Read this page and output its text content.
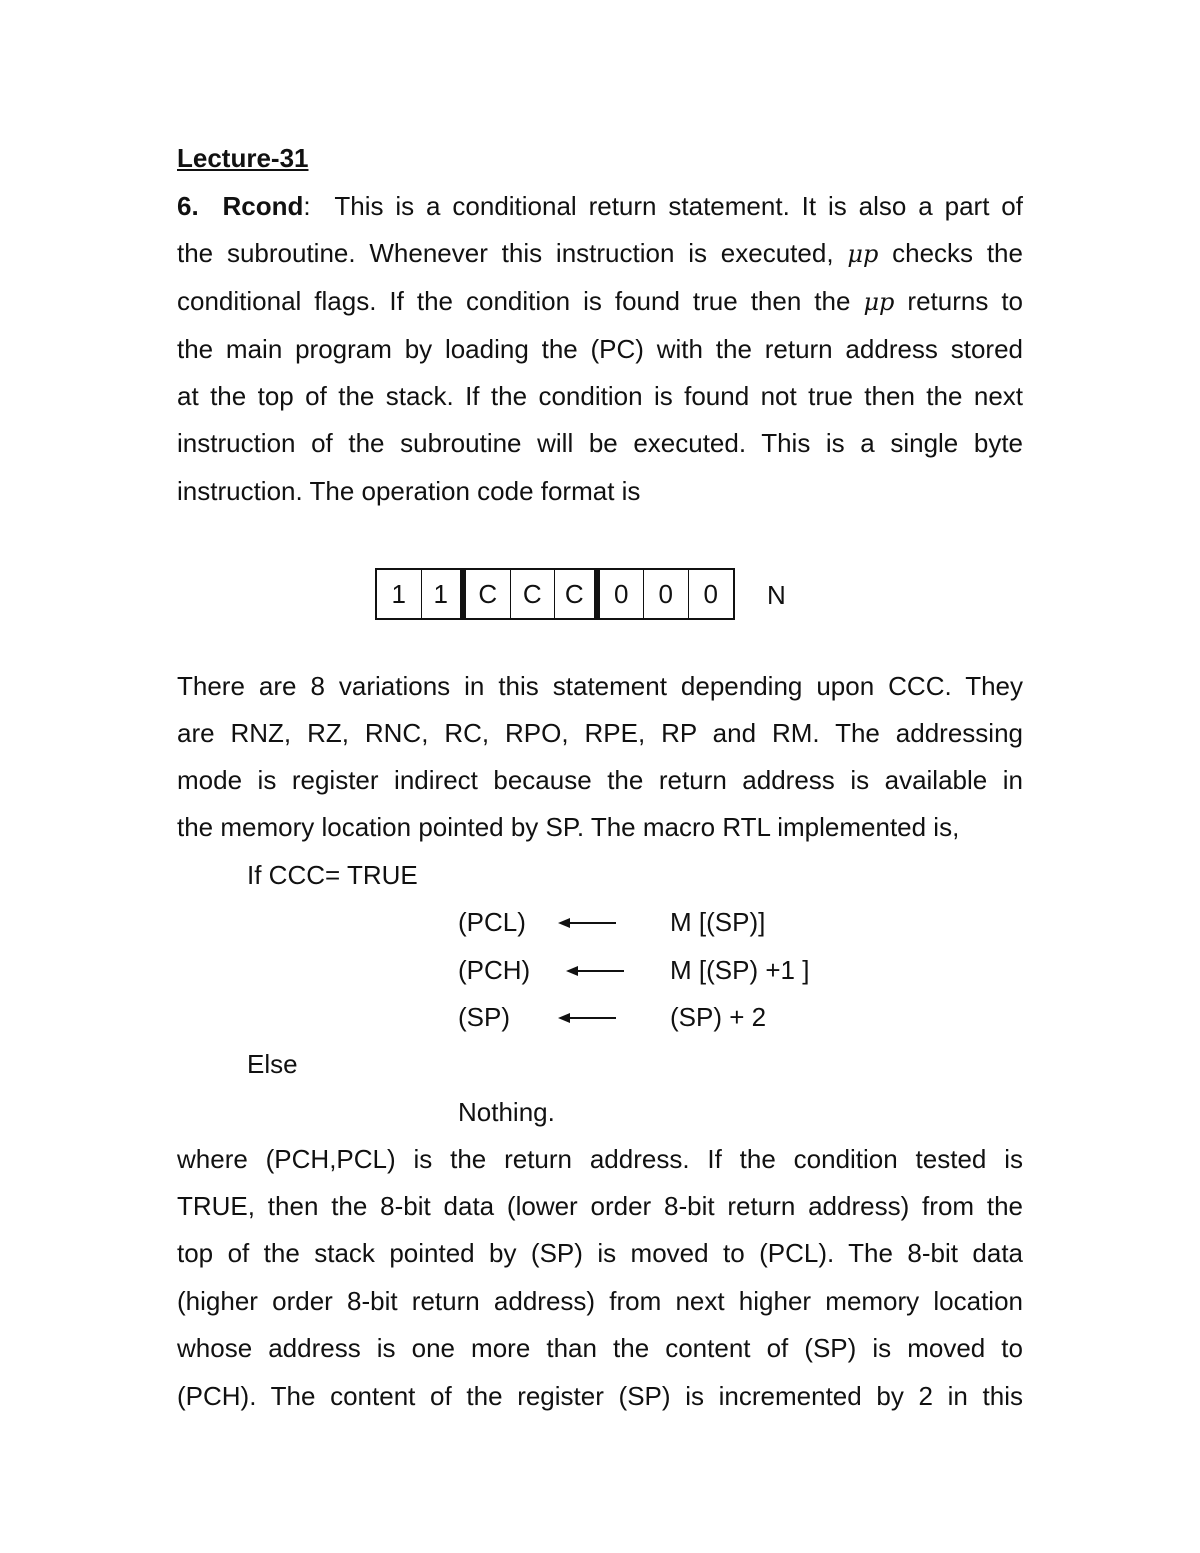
Lecture-31
6. Rcond: This is a conditional return statement. It is also a part of
the subroutine. Whenever this instruction is executed, μp checks the
conditional flags. If the condition is found true then the μp returns to
the main program by loading the (PC) with the return address stored
at the top of the stack. If the condition is found not true then the next
instruction of the subroutine will be executed. This is a single byte
instruction. The operation code format is
1	1	C C C	0	0	0	N
There are 8 variations in this statement depending upon CCC. They
are RNZ, RZ, RNC, RC, RPO, RPE, RP and RM. The addressing
mode is register indirect because the return address is available in
the memory location pointed by SP. The macro RTL implemented is,
If CCC= TRUE
(PCL)	M [(SP)]
(PCH)	M [(SP) +1 ]
(SP)	(SP) + 2
Else
Nothing.
where (PCH,PCL) is the return address. If the condition tested is
TRUE, then the 8-bit data (lower order 8-bit return address) from the
top of the stack pointed by (SP) is moved to (PCL). The 8-bit data
(higher order 8-bit return address) from next higher memory location
whose address is one more than the content of (SP) is moved to
(PCH). The content of the register (SP) is incremented by 2 in this
